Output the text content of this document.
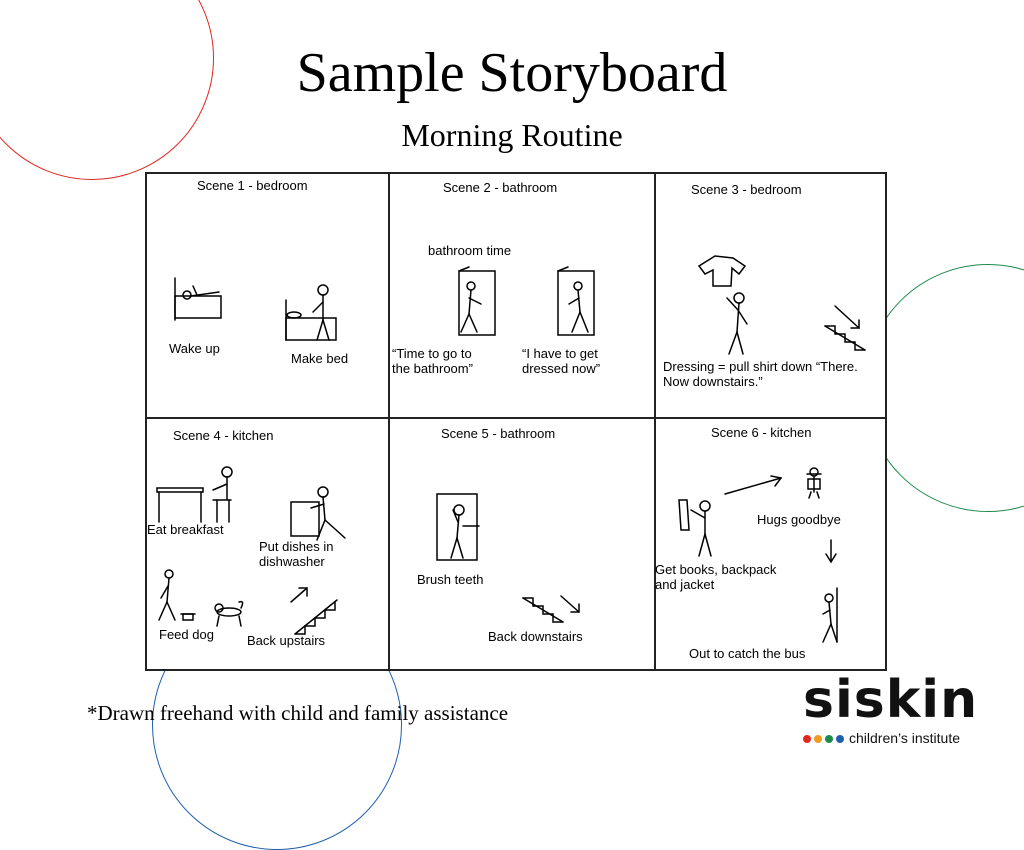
Sample Storyboard
Morning Routine
Scene 1 - bedroom
Wake up
Make bed
Scene 2 - bathroom
bathroom time
“Time to go to
the bathroom”
“I have to get
dressed now”
Scene 3 - bedroom
Dressing = pull shirt down “There.
Now downstairs.”
Scene 4 - kitchen
Eat breakfast
Put dishes in
dishwasher
Feed dog	Back upstairs
Scene 5 - bathroom
Brush teeth
Back downstairs
Scene 6 - kitchen
Hugs goodbye
Get books, backpack
and jacket
Out to catch the bus
*Drawn freehand with child and family assistance	siskin
children’s institute
